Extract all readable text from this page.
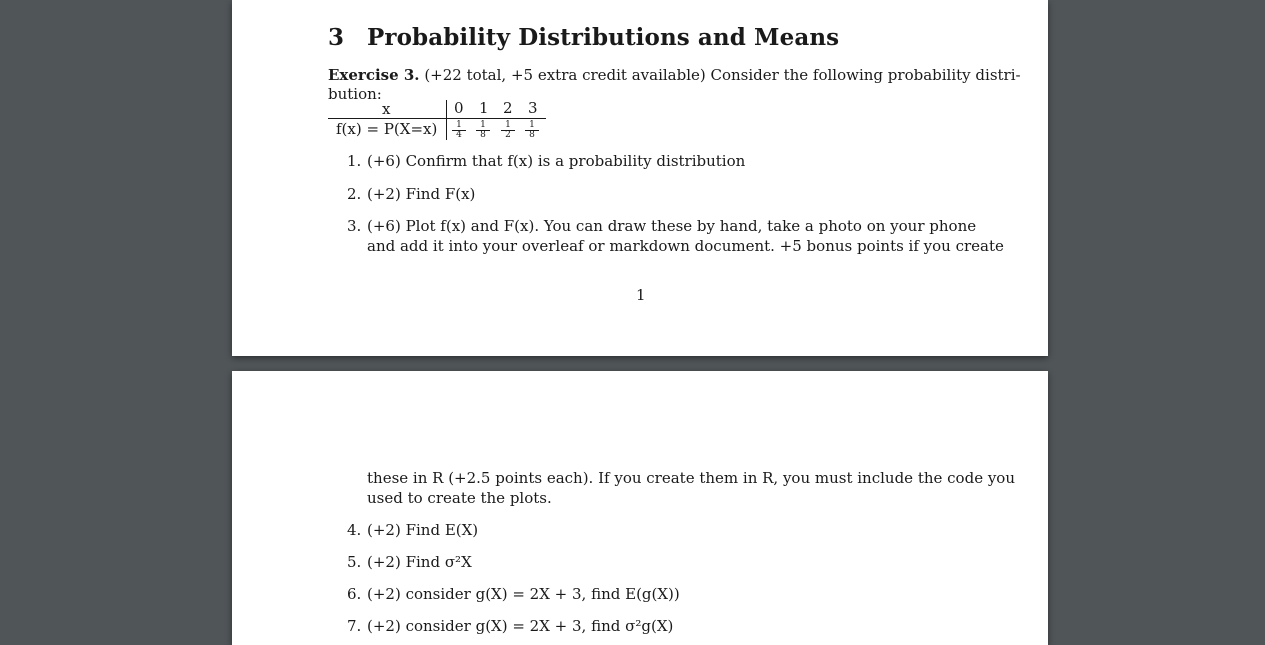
3 Probability Distributions and Means
Exercise 3. (+22 total, +5 extra credit available) Consider the following probability distri-
bution:
x
f(x) = P(X=x)
0 1 2 3
$\frac{1}{4} \frac{1}{8} \frac{1}{2} \frac{1}{8}$
1. (+6) Confirm that f(x) is a probability distribution
2. (+2) Find F(x)
3. (+6) Plot f(x) and F(x). You can draw these by hand, take a photo on your phone
and add it into your overleaf or markdown document. +5 bonus points if you create
1
these in R (+2.5 points each). If you create them in R, you must include the code you
used to create the plots.
4. (+2) Find E(X)
5. (+2) Find σ²X
6. (+2) consider g(X) = 2X + 3, find E(g(X))
7. (+2) consider g(X) = 2X + 3, find σ²g(X)
